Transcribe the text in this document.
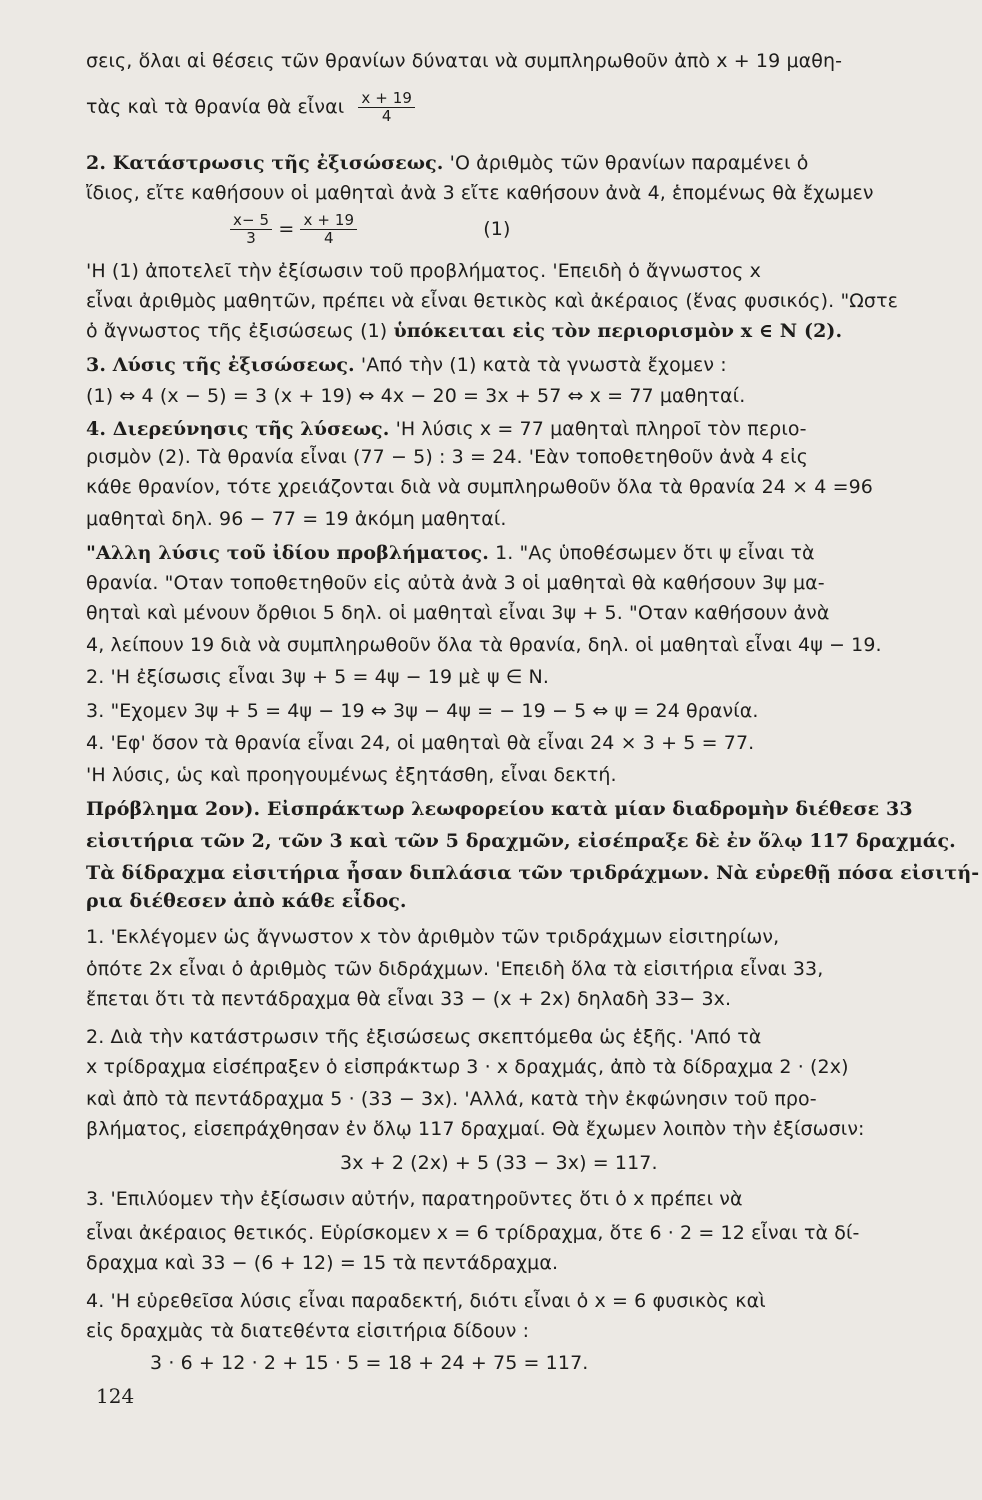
σεις, ὅλαι αἱ θέσεις τῶν θρανίων δύναται νὰ συμπληρωθοῦν ἀπὸ x + 19 μαθη-
τὰς καὶ τὰ θρανία θὰ εἶναι $\frac{x + 19}{4}$
2. Κατάστρωσις τῆς ἐξισώσεως. 'Ο ἀριθμὸς τῶν θρανίων παραμένει ὁ
ἴδιος, εἴτε καθήσουν οἱ μαθηταὶ ἀνὰ 3 εἴτε καθήσουν ἀνὰ 4, ἑπομένως θὰ ἔχωμεν
$\frac{x- 5}{3} = \frac{x + 19}{4}$	(1)
'Η (1) ἀποτελεῖ τὴν ἐξίσωσιν τοῦ προβλήματος. 'Επειδὴ ὁ ἄγνωστος x
εἶναι ἀριθμὸς μαθητῶν, πρέπει νὰ εἶναι θετικὸς καὶ ἀκέραιος (ἕνας φυσικός). "Ωστε
ὁ ἄγνωστος τῆς ἐξισώσεως (1) ὑπόκειται εἰς τὸν περιορισμὸν x ∈ N (2).
3. Λύσις τῆς ἐξισώσεως. 'Από τὴν (1) κατὰ τὰ γνωστὰ ἔχομεν :
(1) ⇔ 4 (x − 5) = 3 (x + 19) ⇔ 4x − 20 = 3x + 57 ⇔ x = 77 μαθηταί.
4. Διερεύνησις τῆς λύσεως. 'Η λύσις x = 77 μαθηταὶ πληροῖ τὸν περιο-
ρισμὸν (2). Τὰ θρανία εἶναι (77 − 5) : 3 = 24. 'Εὰν τοποθετηθοῦν ἀνὰ 4 εἰς
κάθε θρανίον, τότε χρειάζονται διὰ νὰ συμπληρωθοῦν ὅλα τὰ θρανία 24 × 4 =96
μαθηταὶ δηλ. 96 − 77 = 19 ἀκόμη μαθηταί.
"Αλλη λύσις τοῦ ἰδίου προβλήματος. 1. "Ας ὑποθέσωμεν ὅτι ψ εἶναι τὰ
θρανία. "Οταν τοποθετηθοῦν εἰς αὐτὰ ἀνὰ 3 οἱ μαθηταὶ θὰ καθήσουν 3ψ μα-
θηταὶ καὶ μένουν ὄρθιοι 5 δηλ. οἱ μαθηταὶ εἶναι 3ψ + 5. "Οταν καθήσουν ἀνὰ
4, λείπουν 19 διὰ νὰ συμπληρωθοῦν ὅλα τὰ θρανία, δηλ. οἱ μαθηταὶ εἶναι 4ψ − 19.
2. 'Η ἐξίσωσις εἶναι 3ψ + 5 = 4ψ − 19 μὲ ψ ∈ N.
3. "Εχομεν 3ψ + 5 = 4ψ − 19 ⇔ 3ψ − 4ψ = − 19 − 5 ⇔ ψ = 24 θρανία.
4. 'Εφ' ὅσον τὰ θρανία εἶναι 24, οἱ μαθηταὶ θὰ εἶναι 24 × 3 + 5 = 77.
'Η λύσις, ὡς καὶ προηγουμένως ἐξητάσθη, εἶναι δεκτή.
Πρόβλημα 2ον). Εἰσπράκτωρ λεωφορείου κατὰ μίαν διαδρομὴν διέθεσε 33
εἰσιτήρια τῶν 2, τῶν 3 καὶ τῶν 5 δραχμῶν, εἰσέπραξε δὲ ἐν ὅλῳ 117 δραχμάς.
Τὰ δίδραχμα εἰσιτήρια ἦσαν διπλάσια τῶν τριδράχμων. Νὰ εὑρεθῇ πόσα εἰσιτή-
ρια διέθεσεν ἀπὸ κάθε εἶδος.
1. 'Εκλέγομεν ὡς ἄγνωστον x τὸν ἀριθμὸν τῶν τριδράχμων εἰσιτηρίων,
ὁπότε 2x εἶναι ὁ ἀριθμὸς τῶν διδράχμων. 'Επειδὴ ὅλα τὰ εἰσιτήρια εἶναι 33,
ἔπεται ὅτι τὰ πεντάδραχμα θὰ εἶναι 33 − (x + 2x) δηλαδὴ 33− 3x.
2. Διὰ τὴν κατάστρωσιν τῆς ἐξισώσεως σκεπτόμεθα ὡς ἑξῆς. 'Από τὰ
x τρίδραχμα εἰσέπραξεν ὁ εἰσπράκτωρ 3 · x δραχμάς, ἀπὸ τὰ δίδραχμα 2 · (2x)
καὶ ἀπὸ τὰ πεντάδραχμα 5 · (33 − 3x). 'Αλλά, κατὰ τὴν ἐκφώνησιν τοῦ προ-
βλήματος, εἰσεπράχθησαν ἐν ὅλῳ 117 δραχμαί. Θὰ ἔχωμεν λοιπὸν τὴν ἐξίσωσιν:
3x + 2 (2x) + 5 (33 − 3x) = 117.
3. 'Επιλύομεν τὴν ἐξίσωσιν αὐτήν, παρατηροῦντες ὅτι ὁ x πρέπει νὰ
εἶναι ἀκέραιος θετικός. Εὑρίσκομεν x = 6 τρίδραχμα, ὅτε 6 · 2 = 12 εἶναι τὰ δί-
δραχμα καὶ 33 − (6 + 12) = 15 τὰ πεντάδραχμα.
4. 'Η εὑρεθεῖσα λύσις εἶναι παραδεκτή, διότι εἶναι ὁ x = 6 φυσικὸς καὶ
εἰς δραχμὰς τὰ διατεθέντα εἰσιτήρια δίδουν :
3 · 6 + 12 · 2 + 15 · 5 = 18 + 24 + 75 = 117.
124
